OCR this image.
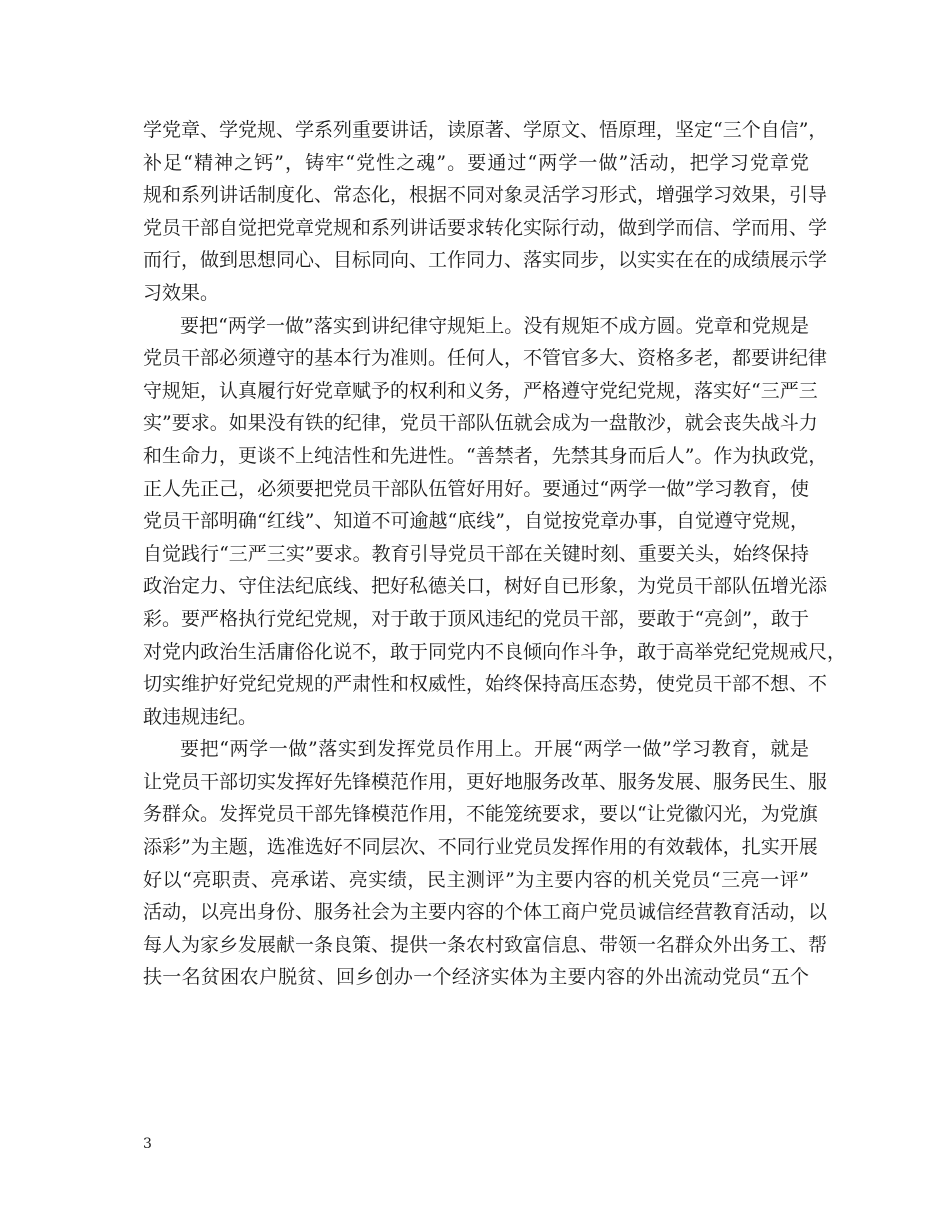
学党章、学党规、学系列重要讲话，读原著、学原文、悟原理，坚定“三个自信”，
补足“精神之钙”，铸牢“党性之魂”。要通过“两学一做”活动，把学习党章党
规和系列讲话制度化、常态化，根据不同对象灵活学习形式，增强学习效果，引导
党员干部自觉把党章党规和系列讲话要求转化实际行动，做到学而信、学而用、学
而行，做到思想同心、目标同向、工作同力、落实同步，以实实在在的成绩展示学
习效果。
要把“两学一做”落实到讲纪律守规矩上。没有规矩不成方圆。党章和党规是
党员干部必须遵守的基本行为准则。任何人，不管官多大、资格多老，都要讲纪律
守规矩，认真履行好党章赋予的权利和义务，严格遵守党纪党规，落实好“三严三
实”要求。如果没有铁的纪律，党员干部队伍就会成为一盘散沙，就会丧失战斗力
和生命力，更谈不上纯洁性和先进性。“善禁者，先禁其身而后人”。作为执政党，
正人先正己，必须要把党员干部队伍管好用好。要通过“两学一做”学习教育，使
党员干部明确“红线”、知道不可逾越“底线”，自觉按党章办事，自觉遵守党规，
自觉践行“三严三实”要求。教育引导党员干部在关键时刻、重要关头，始终保持
政治定力、守住法纪底线、把好私德关口，树好自已形象，为党员干部队伍增光添
彩。要严格执行党纪党规，对于敢于顶风违纪的党员干部，要敢于“亮剑”，敢于
对党内政治生活庸俗化说不，敢于同党内不良倾向作斗争，敢于高举党纪党规戒尺，
切实维护好党纪党规的严肃性和权威性，始终保持高压态势，使党员干部不想、不
敢违规违纪。
要把“两学一做”落实到发挥党员作用上。开展“两学一做”学习教育，就是
让党员干部切实发挥好先锋模范作用，更好地服务改革、服务发展、服务民生、服
务群众。发挥党员干部先锋模范作用，不能笼统要求，要以“让党徽闪光，为党旗
添彩”为主题，选准选好不同层次、不同行业党员发挥作用的有效载体，扎实开展
好以“亮职责、亮承诺、亮实绩，民主测评”为主要内容的机关党员“三亮一评”
活动，以亮出身份、服务社会为主要内容的个体工商户党员诚信经营教育活动，以
每人为家乡发展献一条良策、提供一条农村致富信息、带领一名群众外出务工、帮
扶一名贫困农户脱贫、回乡创办一个经济实体为主要内容的外出流动党员“五个
3
